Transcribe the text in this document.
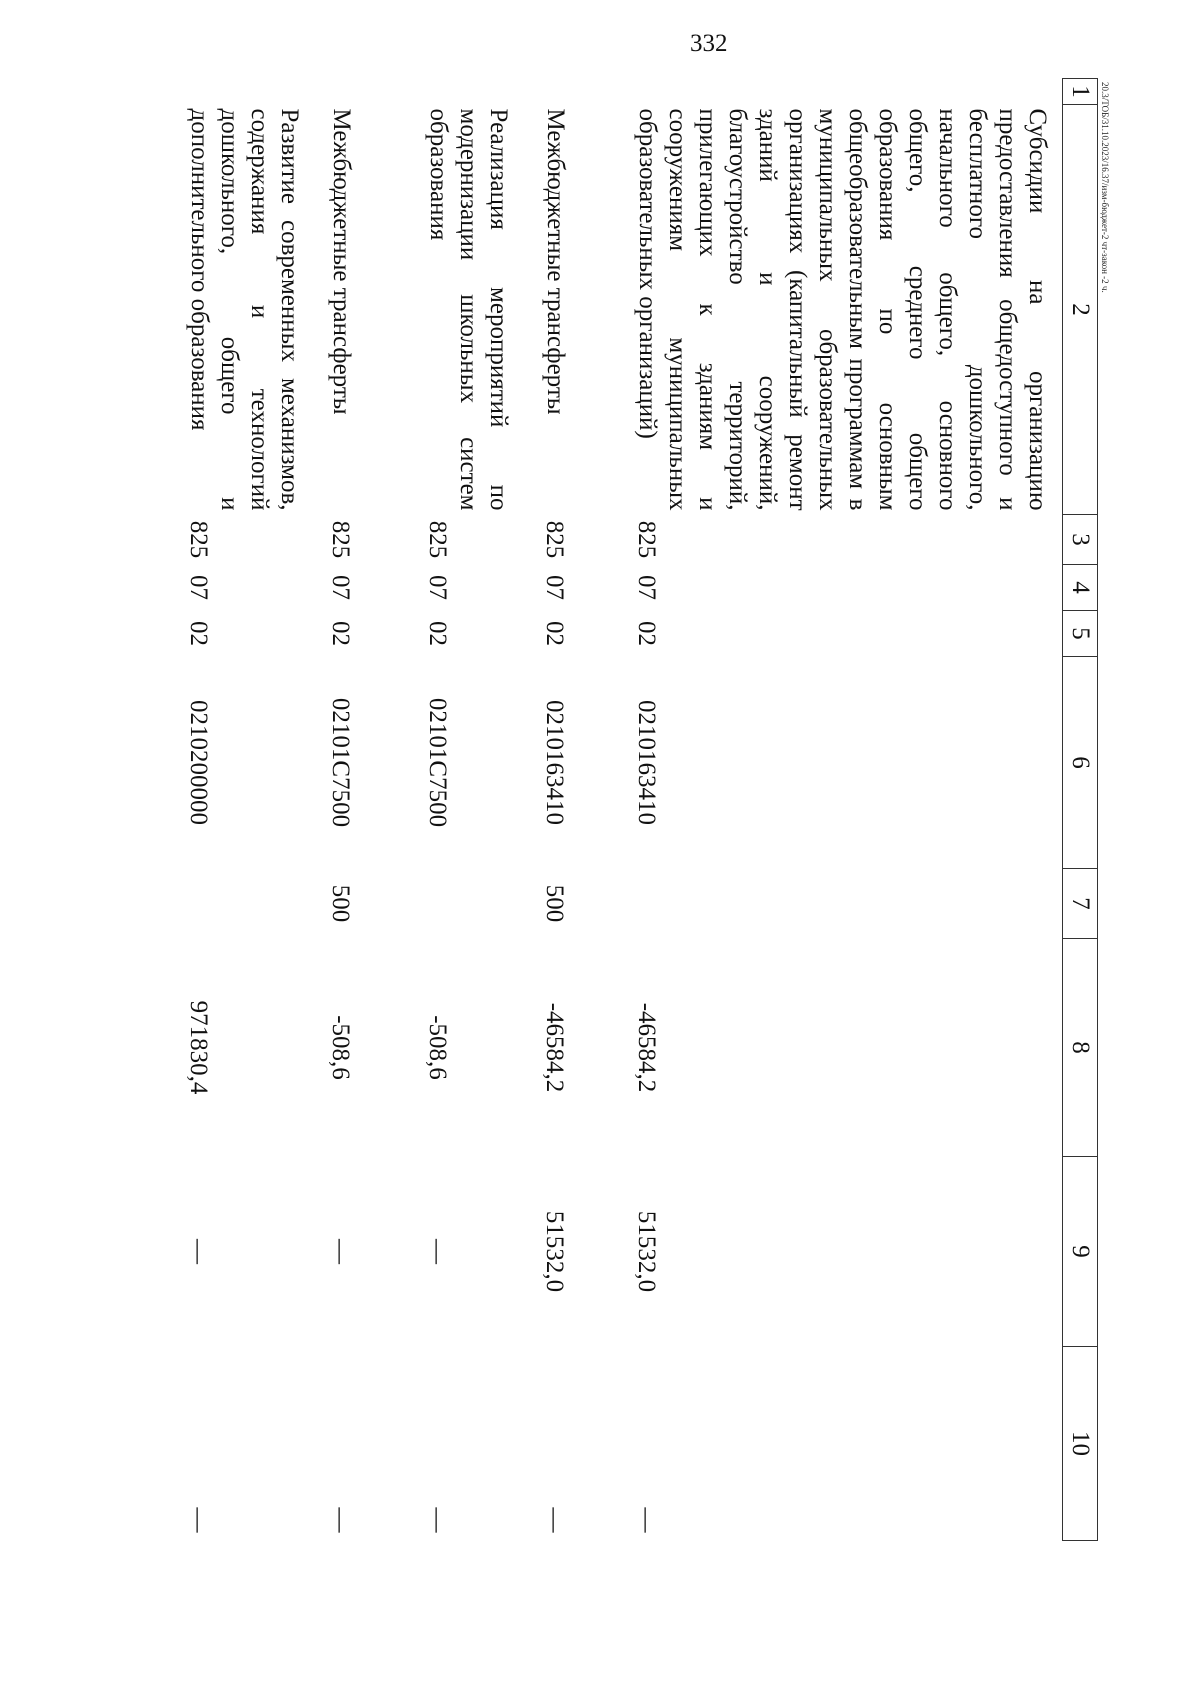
332
20.3/ТОБ/31.10.2023/16.37/изм-бюджет-2 чт-закон -2 ч.
1	2	3	4	5	6	7	8	9	10
	Субсидии на организацию предоставления общедоступного и бесплатного дошкольного, начального общего, основного общего, среднего общего образования по основным общеобразовательным программам в муниципальных образовательных организациях (капитальный ремонт зданий и сооружений, благоустройство территорий, прилегающих к зданиям и сооружениям муниципальных образовательных организаций)	825	07	02	0210163410		-46584,2	51532,0	—
	Межбюджетные трансферты	825	07	02	0210163410	500	-46584,2	51532,0	—
	Реализация мероприятий по модернизации школьных систем образования	825	07	02	02101С7500		-508,6	—	—
	Межбюджетные трансферты	825	07	02	02101С7500	500	-508,6	—	—
	Развитие современных механизмов, содержания и технологий дошкольного, общего и дополнительного образования	825	07	02	0210200000		971830,4	—	—
